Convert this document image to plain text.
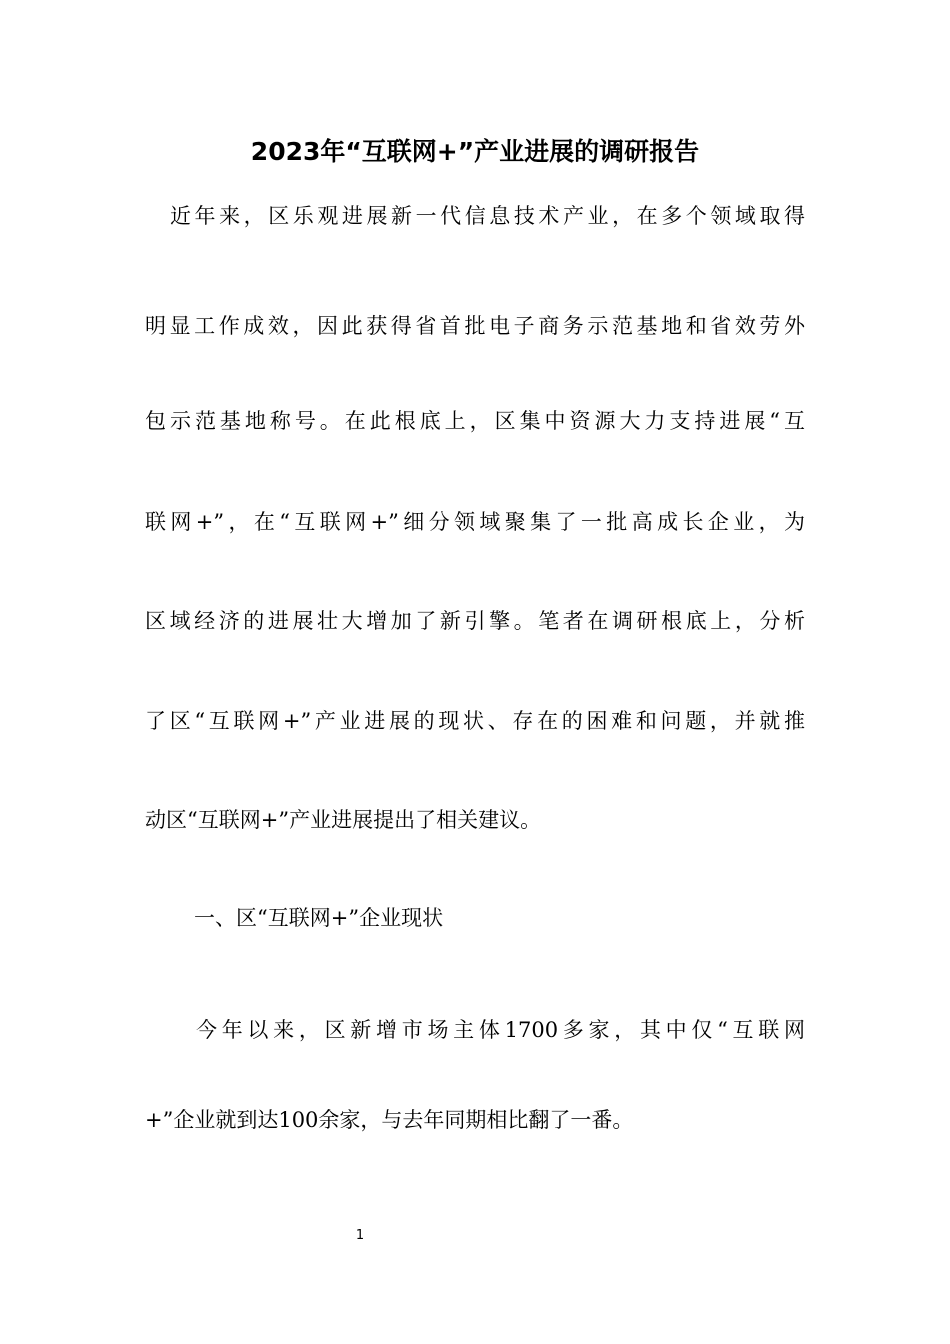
2023年“互联网+”产业进展的调研报告
近年来，区乐观进展新一代信息技术产业，在多个领域取得
明显工作成效，因此获得省首批电子商务示范基地和省效劳外
包示范基地称号。在此根底上，区集中资源大力支持进展“互
联网+”，在“互联网+”细分领域聚集了一批高成长企业，为
区域经济的进展壮大增加了新引擎。笔者在调研根底上，分析
了区“互联网+”产业进展的现状、存在的困难和问题，并就推
动区“互联网+”产业进展提出了相关建议。
一、区“互联网+”企业现状
今年以来，区新增市场主体1700多家，其中仅“互联网
+”企业就到达100余家，与去年同期相比翻了一番。
1
